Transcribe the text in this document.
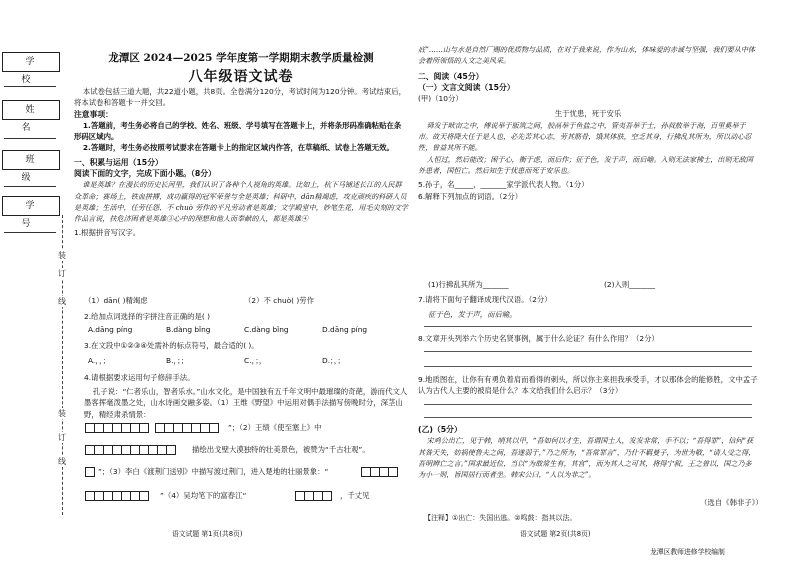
学 校
姓 名
班 级
学 号
装
订
线
装
订
线
龙潭区 2024—2025 学年度第一学期期末教学质量检测
八年级语文试卷

本试卷包括三道大题，共22道小题，共8页。全卷满分120分，考试时间为120分钟。考试结束后，将本试卷和答题卡一并交回。

注意事项：

1.答题前，考生务必将自己的学校、姓名、班级、学号填写在答题卡上，并将条形码准确粘贴在条形码区域内。

2.答题时，考生务必按照考试要求在答题卡上的指定区域内作答，在草稿纸、试卷上答题无效。

一、积累与运用（15分）

阅读下面的文字，完成下面小题。（8分）

谁是英雄？在漫长的历史长河里，我们认识了各种个人视角的英雄。比如上，杭下马铺述长江的人民群众革命；赛场上，铁血拼搏，成功赢得的冠军荣誉与全是英雄；科研中，dān精竭虑，攻克顽疾的科研人员是英雄；生活中，任劳任怨、不 chuò 劳作的平凡劳动者是英雄；文学殿堂中，妙笔生花，用毛尖刻的文学作品言说，扶危济困者是英雄③心中的理想和他人而奉献的人，都是英雄④

1.根据拼音写汉字。

（1）dān( )精竭虑	（2）不 chuò( )劳作
2.给加点词选择的字拼注音正确的是( )
A.dāng píng	B.dàng bǐng	C.dàng bǐng	D.dāng píng
3.在文段中①②③④处需补的标点符号，最合适的( )。
A.，，；	B.，；；	C.，；，	D.；，；
4.请根据要求运用句子修辞手法。

孔子说：“仁者乐山，智者乐水。”山水文化，是中国独有五千年文明中最璀璨的奇葩，游而代文人墨客挥毫泼墨之处，山水诗画交融多姿。（1）王维《野望》中运用对偶手法描写傍晚时分，深茎山野，精经肃杀情景：

”；（2）王绩《使至塞上》中
描绘出戈壁大漠独特的壮美景色，被赞为“千古壮观”。
”；（3）李白《渡荆门送别》中描写渡过荆门，进入楚地的壮丽景象：“
”（4）吴均笔下的富春江“	，千丈见

底”……山与水是自然厂赐的优质物与品质，在对于我来说，作为山水，体味爱的赤诚与坚强，我们要从中体会着所领悟的人文之美风采。

二、阅读（45分）

（一）文言文阅读（15分）

(甲)（10分）

生于忧患，死于安乐

舜发于畎亩之中，傅说举于版筑之间，胶鬲举于鱼盐之中，管夷吾举于士，孙叔敖举于海，百里奚举于市。故天将降大任于是人也，必先苦其心志，劳其筋骨，饿其体肤，空乏其身，行拂乱其所为，所以动心忍性，曾益其所不能。

人恒过，然后能改；困于心，衡于虑，而后作；征于色，发于声，而后喻。入则无法家拂士，出则无敌国外患者，国恒亡。然后知生于忧患而死于安乐也。

5.孙子，名_____，_______家学派代表人物。（1分）

6.解释下列加点的词语。（2分）

(1)行拂乱其所为_______	(2)入则_______
7.请将下面句子翻译成现代汉语。（2分）
征于色，发于声，而后喻。
8.文章开头列举六个历史名贤事例，属于什么论证？有什么作用？（2分）

9.地质图在，让你有有勇负着肩而看得的刺头，所以你主来担我承受手，才以那体会的能修胜，文中孟子认为古代人主要的被肩是什么？本文给我们什么启示？（3分）

(乙)（5分）

宋鸡公出亡，见于韩，哨其以甲，“吾如何以才生，吾谓国士人，发发非常，手不以；“吾得罪”，信何“获其咎天失，妨祸使鲁夫之间，吾遂弱于，”乃之所为，“吾常罪言”，乃什不羁曼子，为世为敬，“请人受之得，吾明辨亡之言。”国求最近位，当以“为敢常生有，其宫”，而为其人之可其，将得宁叙，王之曾以，国之乃多为小一则，旨国居行而者坐。韩宋公曰，“人以为非之”。

（选自《韩非子》）
【注释】①出亡：失国出逃。②鸣鼓：指其以法。
语文试题 第1页(共8页)	语文试题 第2页(共8页)
龙潭区教师进修学校编制
